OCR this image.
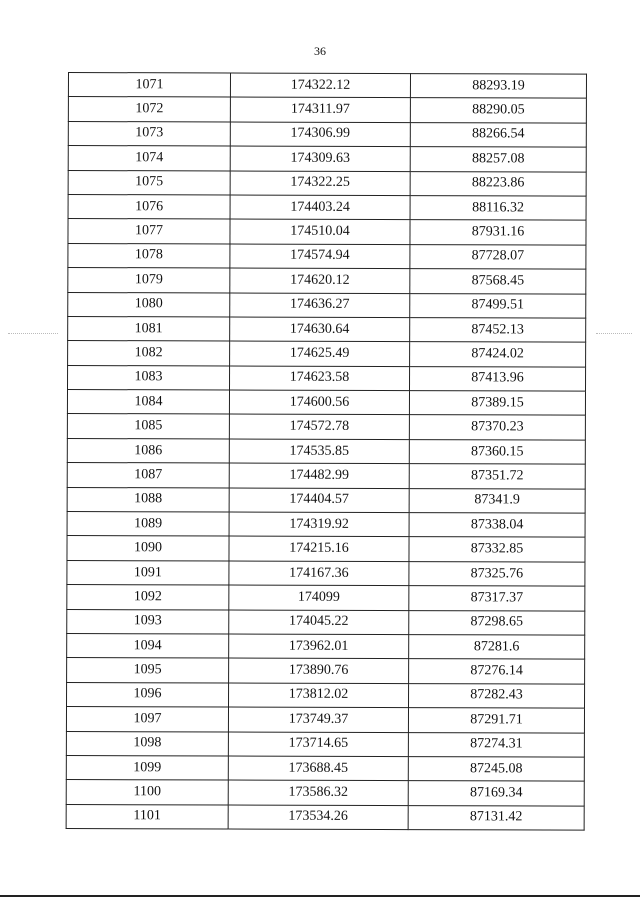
36
1071	174322.12	88293.19
1072	174311.97	88290.05
1073	174306.99	88266.54
1074	174309.63	88257.08
1075	174322.25	88223.86
1076	174403.24	88116.32
1077	174510.04	87931.16
1078	174574.94	87728.07
1079	174620.12	87568.45
1080	174636.27	87499.51
1081	174630.64	87452.13
1082	174625.49	87424.02
1083	174623.58	87413.96
1084	174600.56	87389.15
1085	174572.78	87370.23
1086	174535.85	87360.15
1087	174482.99	87351.72
1088	174404.57	87341.9
1089	174319.92	87338.04
1090	174215.16	87332.85
1091	174167.36	87325.76
1092	174099	87317.37
1093	174045.22	87298.65
1094	173962.01	87281.6
1095	173890.76	87276.14
1096	173812.02	87282.43
1097	173749.37	87291.71
1098	173714.65	87274.31
1099	173688.45	87245.08
1100	173586.32	87169.34
1101	173534.26	87131.42
